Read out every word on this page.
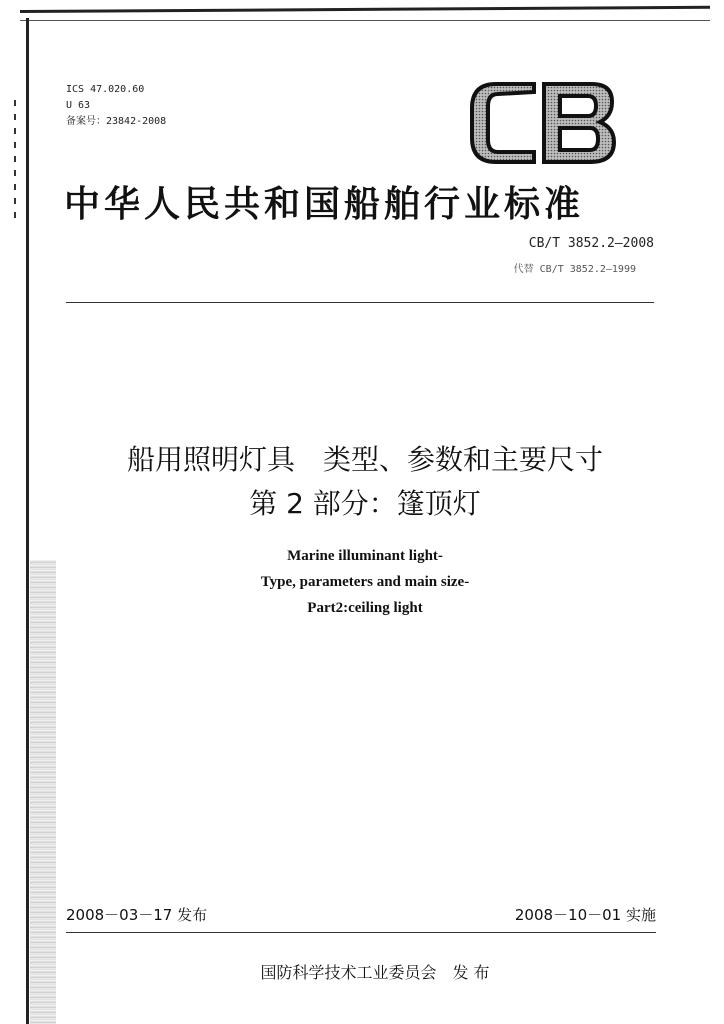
ICS 47.020.60
U 63
备案号：23842-2008
中华人民共和国船舶行业标准
CB/T 3852.2—2008
代替 CB/T 3852.2—1999
船用照明灯具　类型、参数和主要尺寸
第 2 部分：篷顶灯
Marine illuminant light-
Type, parameters and main size-
Part2:ceiling light
2008－03－17 发布	2008－10－01 实施
国防科学技术工业委员会　发 布
